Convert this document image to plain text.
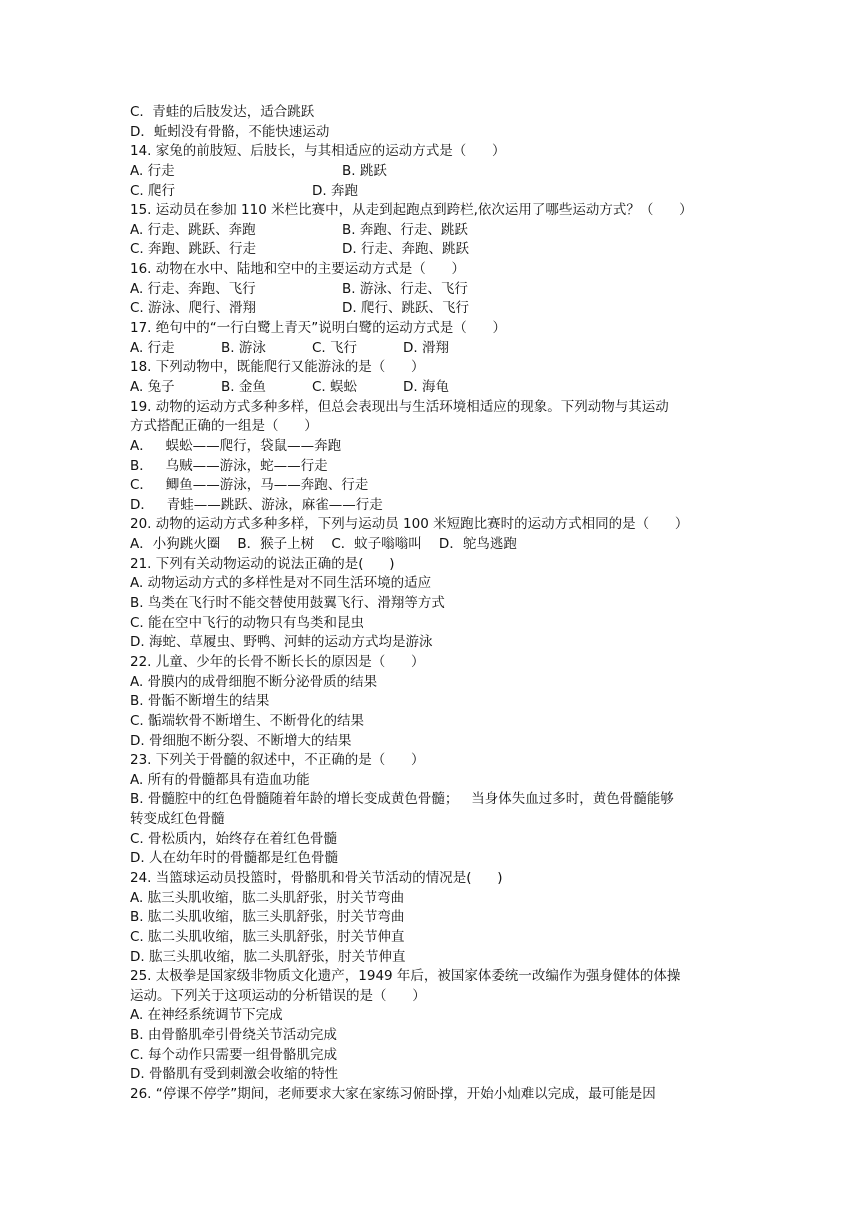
C.  青蛙的后肢发达，适合跳跃
D．蚯蚓没有骨骼，不能快速运动
14. 家兔的前肢短、后肢长，与其相适应的运动方式是（      ）
A. 行走	B. 跳跃
C. 爬行	D. 奔跑
15. 运动员在参加 110 米栏比赛中，从走到起跑点到跨栏,依次运用了哪些运动方式？（      ）
A. 行走、跳跃、奔跑	B. 奔跑、行走、跳跃
C. 奔跑、跳跃、行走	D. 行走、奔跑、跳跃
16. 动物在水中、陆地和空中的主要运动方式是（      ）
A. 行走、奔跑、飞行	B. 游泳、行走、飞行
C. 游泳、爬行、滑翔	D. 爬行、跳跃、飞行
17. 绝句中的“一行白鹭上青天”说明白鹭的运动方式是（      ）
A. 行走	B. 游泳	C. 飞行	D. 滑翔
18. 下列动物中，既能爬行又能游泳的是（      ）
A. 兔子	B. 金鱼	C. 蜈蚣	D. 海龟
19. 动物的运动方式多种多样，但总会表现出与生活环境相适应的现象。下列动物与其运动
方式搭配正确的一组是（      ）
A．   蜈蚣——爬行，袋鼠——奔跑
B．   乌贼——游泳，蛇——行走
C．   鲫鱼——游泳，马——奔跑、行走
D．   青蛙——跳跃、游泳，麻雀——行走
20. 动物的运动方式多种多样，下列与运动员 100 米短跑比赛时的运动方式相同的是（      ）
A．小狗跳火圈    B．猴子上树    C．蚊子嗡嗡叫    D．鸵鸟逃跑
21. 下列有关动物运动的说法正确的是(      )
A. 动物运动方式的多样性是对不同生活环境的适应
B. 鸟类在飞行时不能交替使用鼓翼飞行、滑翔等方式
C. 能在空中飞行的动物只有鸟类和昆虫
D. 海蛇、草履虫、野鸭、河蚌的运动方式均是游泳
22. 儿童、少年的长骨不断长长的原因是（      ）
A. 骨膜内的成骨细胞不断分泌骨质的结果
B. 骨骺不断增生的结果
C. 骺端软骨不断增生、不断骨化的结果
D. 骨细胞不断分裂、不断增大的结果
23. 下列关于骨髓的叙述中，不正确的是（      ）
A. 所有的骨髓都具有造血功能
B. 骨髓腔中的红色骨髓随着年龄的增长变成黄色骨髓；   当身体失血过多时，黄色骨髓能够
转变成红色骨髓
C. 骨松质内，始终存在着红色骨髓
D. 人在幼年时的骨髓都是红色骨髓
24. 当篮球运动员投篮时，骨骼肌和骨关节活动的情况是(      )
A. 肱三头肌收缩，肱二头肌舒张，肘关节弯曲
B. 肱二头肌收缩，肱三头肌舒张，肘关节弯曲
C. 肱二头肌收缩，肱三头肌舒张，肘关节伸直
D. 肱三头肌收缩，肱二头肌舒张，肘关节伸直
25. 太极拳是国家级非物质文化遗产，1949 年后，被国家体委统一改编作为强身健体的体操
运动。下列关于这项运动的分析错误的是（      ）
A. 在神经系统调节下完成
B. 由骨骼肌牵引骨绕关节活动完成
C. 每个动作只需要一组骨骼肌完成
D. 骨骼肌有受到刺激会收缩的特性
26. “停课不停学”期间，老师要求大家在家练习俯卧撑，开始小灿难以完成，最可能是因
